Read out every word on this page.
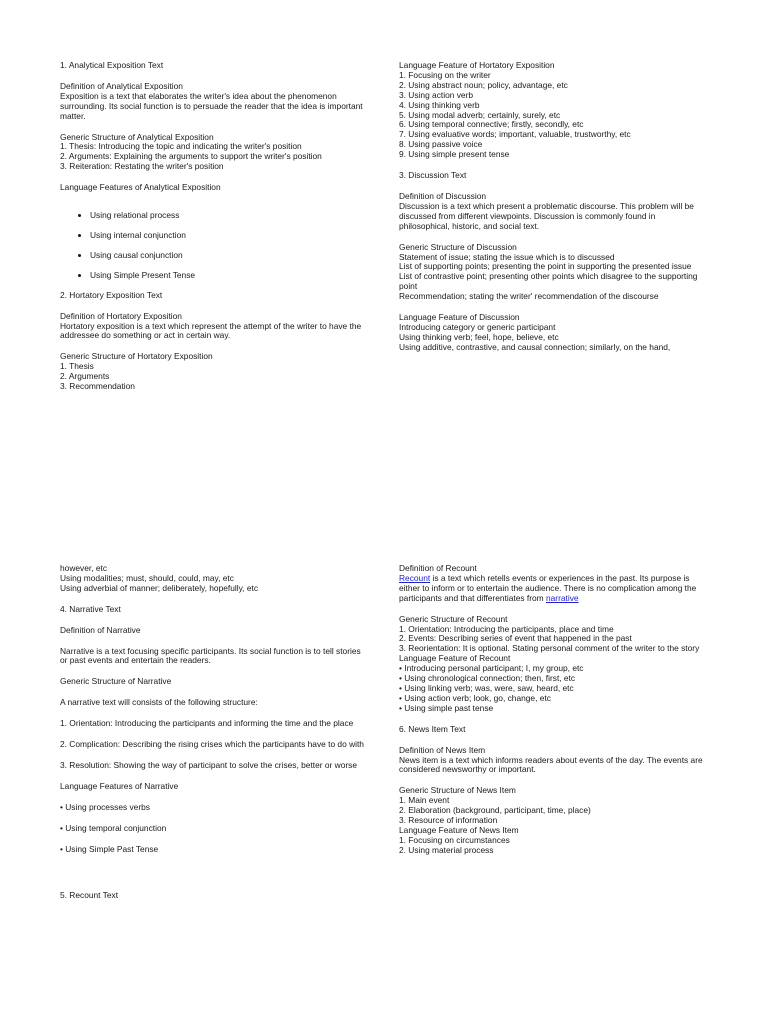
1. Analytical Exposition Text
Definition of Analytical Exposition
Exposition is a text that elaborates the writer's idea about the phenomenon
surrounding. Its social function is to persuade the reader that the idea is important
matter.
Generic Structure of Analytical Exposition
1. Thesis: Introducing the topic and indicating the writer's position
2. Arguments: Explaining the arguments to support the writer's position
3. Reiteration: Restating the writer's position
Language Features of Analytical Exposition
• Using relational process
• Using internal conjunction
• Using causal conjunction
• Using Simple Present Tense
2. Hortatory Exposition Text
Definition of Hortatory Exposition
Hortatory exposition is a text which represent the attempt of the writer to have the
addressee do something or act in certain way.
Generic Structure of Hortatory Exposition
1. Thesis
2. Arguments
3. Recommendation
Language Feature of Hortatory Exposition
1. Focusing on the writer
2. Using abstract noun; policy, advantage, etc
3. Using action verb
4. Using thinking verb
5. Using modal adverb; certainly, surely, etc
6. Using temporal connective; firstly, secondly, etc
7. Using evaluative words; important, valuable, trustworthy, etc
8. Using passive voice
9. Using simple present tense
3. Discussion Text
Definition of Discussion
Discussion is a text which present a problematic discourse. This problem will be
discussed from different viewpoints. Discussion is commonly found in
philosophical, historic, and social text.
Generic Structure of Discussion
Statement of issue; stating the issue which is to discussed
List of supporting points; presenting the point in supporting the presented issue
List of contrastive point; presenting other points which disagree to the supporting
point
Recommendation; stating the writer' recommendation of the discourse
Language Feature of Discussion
Introducing category or generic participant
Using thinking verb; feel, hope, believe, etc
Using additive, contrastive, and causal connection; similarly, on the hand,
however, etc
Using modalities; must, should, could, may, etc
Using adverbial of manner; deliberately, hopefully, etc
4. Narrative Text
Definition of Narrative
Narrative is a text focusing specific participants. Its social function is to tell stories
or past events and entertain the readers.
Generic Structure of Narrative
A narrative text will consists of the following structure:
1. Orientation: Introducing the participants and informing the time and the place
2. Complication: Describing the rising crises which the participants have to do with
3. Resolution: Showing the way of participant to solve the crises, better or worse
Language Features of Narrative
• Using processes verbs
• Using temporal conjunction
• Using Simple Past Tense
5. Recount Text
Definition of Recount
Recount is a text which retells events or experiences in the past. Its purpose is
either to inform or to entertain the audience. There is no complication among the
participants and that differentiates from narrative
Generic Structure of Recount
1. Orientation: Introducing the participants, place and time
2. Events: Describing series of event that happened in the past
3. Reorientation: It is optional. Stating personal comment of the writer to the story
Language Feature of Recount
• Introducing personal participant; I, my group, etc
• Using chronological connection; then, first, etc
• Using linking verb; was, were, saw, heard, etc
• Using action verb; look, go, change, etc
• Using simple past tense
6. News Item Text
Definition of News Item
News item is a text which informs readers about events of the day. The events are
considered newsworthy or important.
Generic Structure of News Item
1. Main event
2. Elaboration (background, participant, time, place)
3. Resource of information
Language Feature of News Item
1. Focusing on circumstances
2. Using material process
